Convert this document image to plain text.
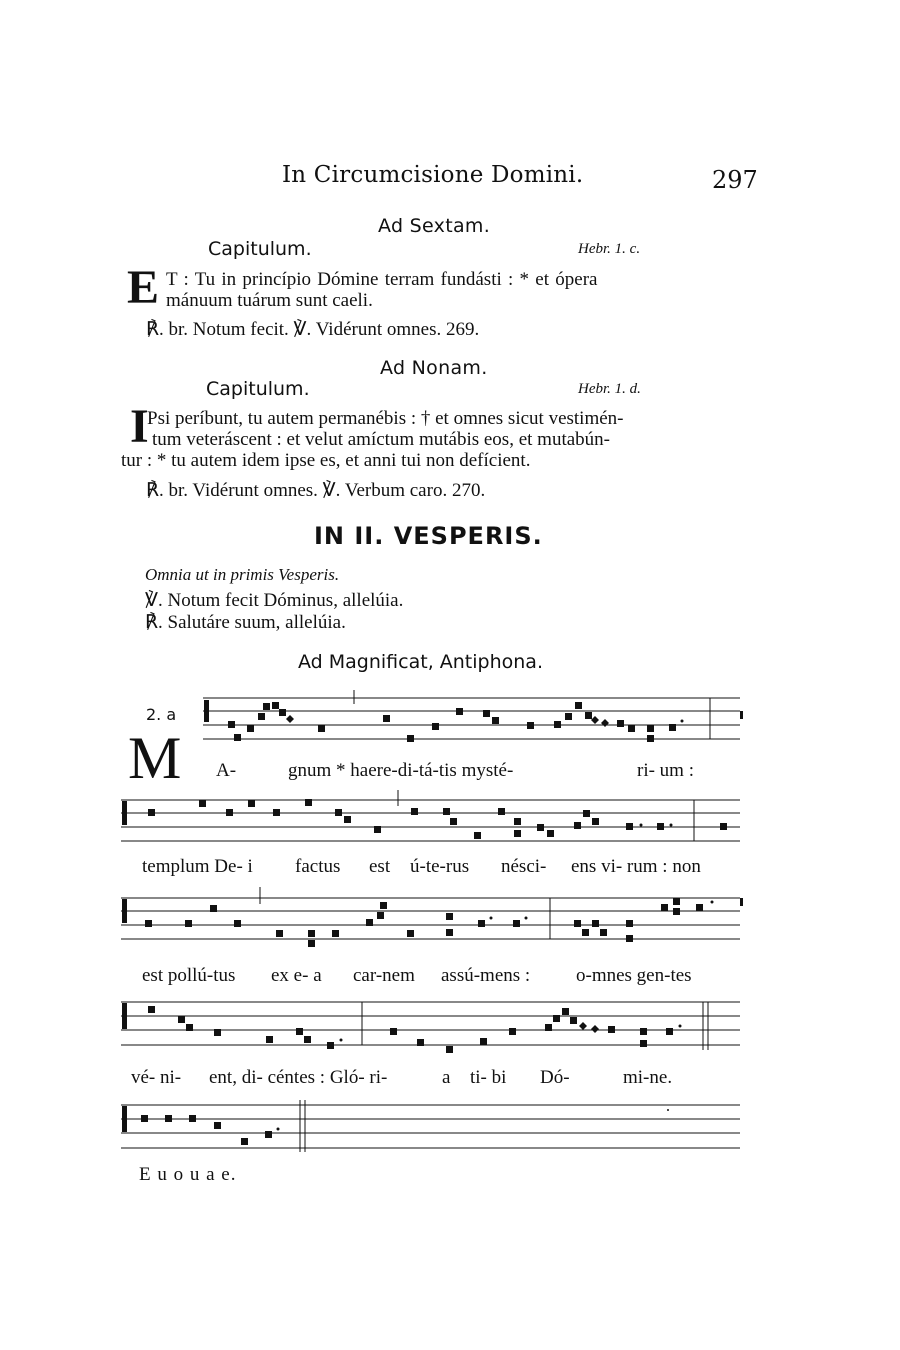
In Circumcisione Domini.	297
Ad Sextam.
Capitulum.	Hebr. 1. c.
E T : Tu in princípio Dómine terram fundásti : * et ópera
mánuum tuárum sunt caeli.
℟. br. Notum fecit. ℣. Vidérunt omnes. 269.
Ad Nonam.
Capitulum.	Hebr. 1. d.
I
Psi períbunt, tu autem permanébis : † et omnes sicut vestimén-
tum veteráscent : et velut amíctum mutábis eos, et mutabún-
tur : * tu autem idem ipse es, et anni tui non defícient.
℟. br. Vidérunt omnes. ℣. Verbum caro. 270.
IN II. VESPERIS.
Omnia ut in primis Vesperis.
℣. Notum fecit Dóminus, allelúia.
℟. Salutáre suum, allelúia.
Ad Magnificat, Antiphona.
2. a
M A-	gnum * haere-di-tá-tis mysté-	ri- um :
templum De- i factus est ú-te-rus nésci- ens vi- rum : non
est pollú-tus ex e- a car-nem assú-mens : o-mnes gen-tes
vé- ni- ent, di- céntes : Gló- ri-	a ti- bi Dó-	mi-ne.
E u o u a e.
